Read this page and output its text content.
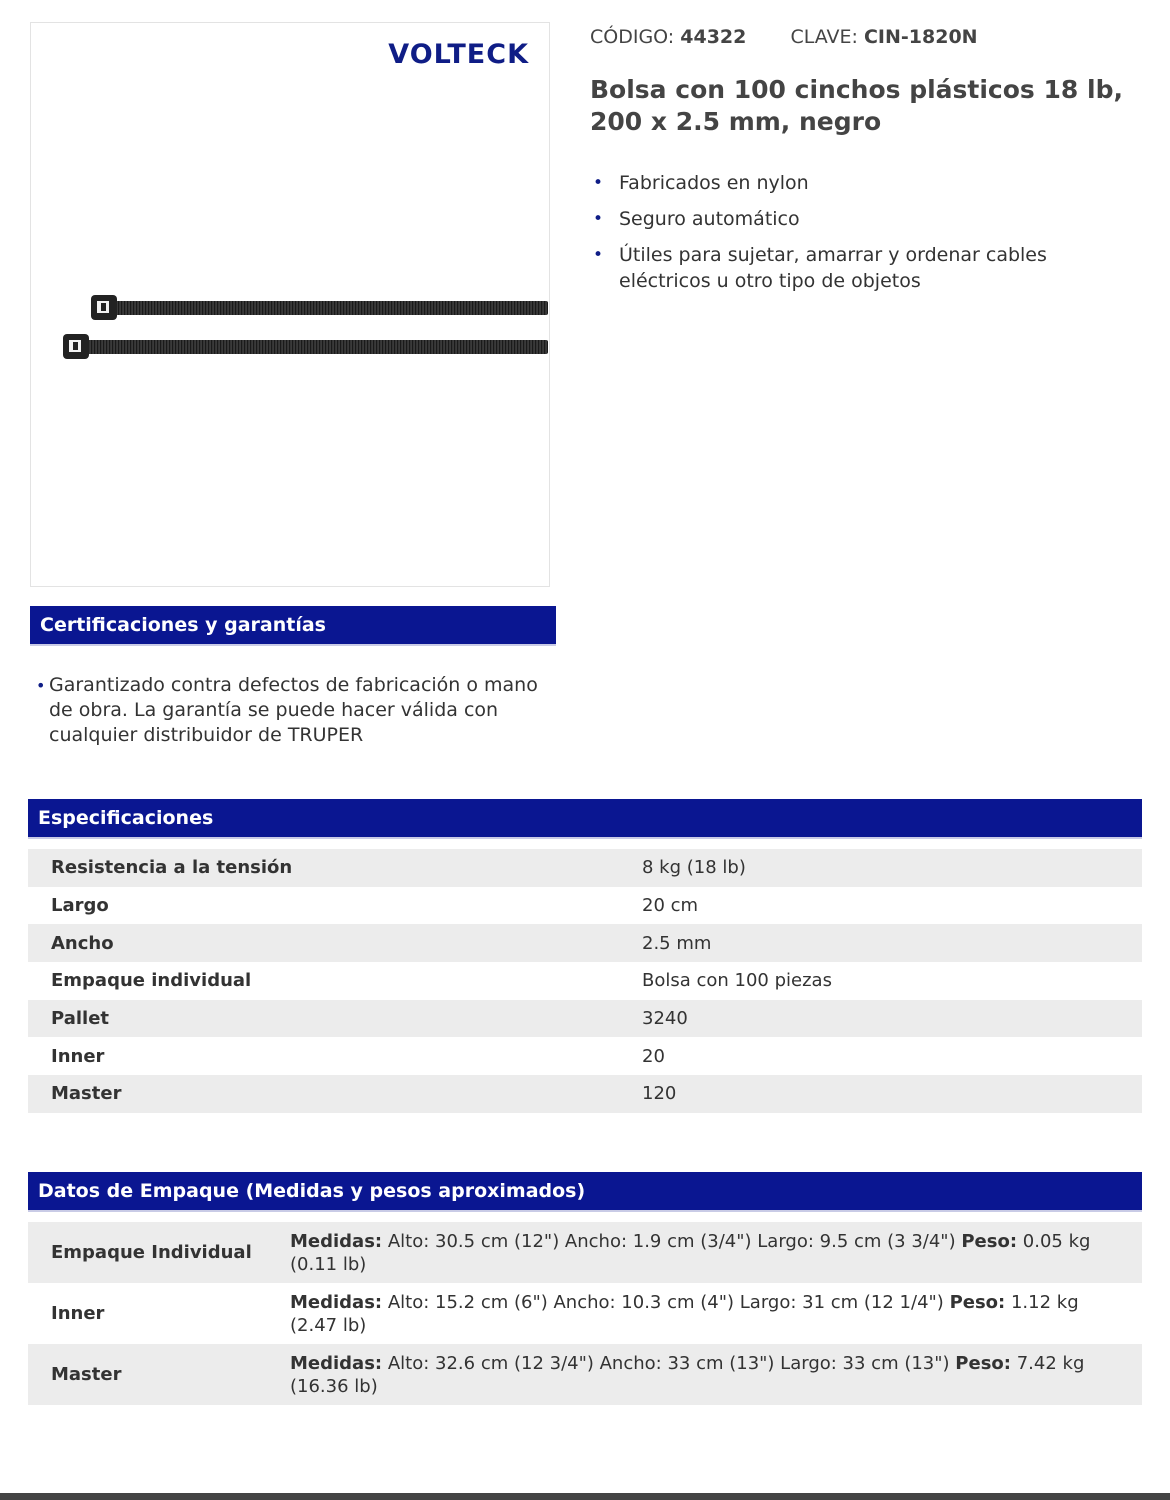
VOLTECK
CÓDIGO: 44322 CLAVE: CIN-1820N
Bolsa con 100 cinchos plásticos 18 lb, 200 x 2.5 mm, negro
• Fabricados en nylon
• Seguro automático
• Útiles para sujetar, amarrar y ordenar cables eléctricos u otro tipo de objetos
Certificaciones y garantías
• Garantizado contra defectos de fabricación o mano de obra. La garantía se puede hacer válida con cualquier distribuidor de TRUPER
Especificaciones
Resistencia a la tensión	8 kg (18 lb)
Largo	20 cm
Ancho	2.5 mm
Empaque individual	Bolsa con 100 piezas
Pallet	3240
Inner	20
Master	120
Datos de Empaque (Medidas y pesos aproximados)
Empaque Individual
Medidas: Alto: 30.5 cm (12") Ancho: 1.9 cm (3/4") Largo: 9.5 cm (3 3/4") Peso: 0.05 kg (0.11 lb)
Inner
Medidas: Alto: 15.2 cm (6") Ancho: 10.3 cm (4") Largo: 31 cm (12 1/4") Peso: 1.12 kg (2.47 lb)
Master
Medidas: Alto: 32.6 cm (12 3/4") Ancho: 33 cm (13") Largo: 33 cm (13") Peso: 7.42 kg (16.36 lb)
